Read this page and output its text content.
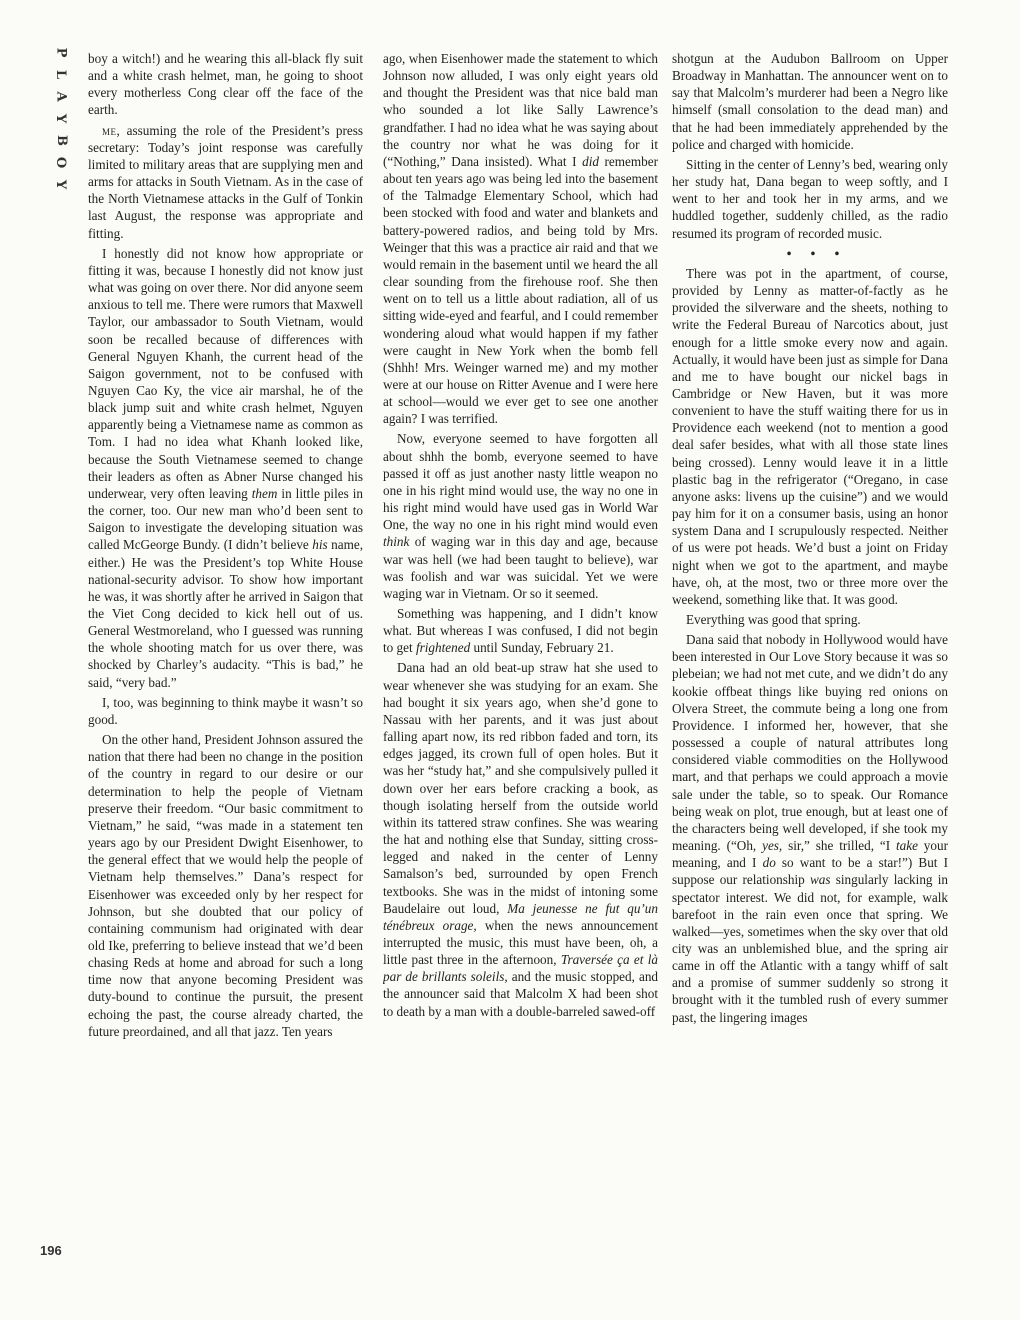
P
L
A
Y
B
O
Y

boy a witch!) and he wearing this all-black fly suit and a white crash helmet, man, he going to shoot every motherless Cong clear off the face of the earth.

me, assuming the role of the President’s press secretary: Today’s joint response was carefully limited to military areas that are supplying men and arms for attacks in South Vietnam. As in the case of the North Vietnamese attacks in the Gulf of Tonkin last August, the response was appropriate and fitting.

I honestly did not know how appropriate or fitting it was, because I honestly did not know just what was going on over there. Nor did anyone seem anxious to tell me. There were rumors that Maxwell Taylor, our ambassador to South Vietnam, would soon be recalled because of differences with General Nguyen Khanh, the current head of the Saigon government, not to be confused with Nguyen Cao Ky, the vice air marshal, he of the black jump suit and white crash helmet, Nguyen apparently being a Vietnamese name as common as Tom. I had no idea what Khanh looked like, because the South Vietnamese seemed to change their leaders as often as Abner Nurse changed his underwear, very often leaving them in little piles in the corner, too. Our new man who’d been sent to Saigon to investigate the developing situation was called McGeorge Bundy. (I didn’t believe his name, either.) He was the President’s top White House national-security advisor. To show how important he was, it was shortly after he arrived in Saigon that the Viet Cong decided to kick hell out of us. General Westmoreland, who I guessed was running the whole shooting match for us over there, was shocked by Charley’s audacity. “This is bad,” he said, “very bad.”

I, too, was beginning to think maybe it wasn’t so good.

On the other hand, President Johnson assured the nation that there had been no change in the position of the country in regard to our desire or our determination to help the people of Vietnam preserve their freedom. “Our basic commitment to Vietnam,” he said, “was made in a statement ten years ago by our President Dwight Eisenhower, to the general effect that we would help the people of Vietnam help themselves.” Dana’s respect for Eisenhower was exceeded only by her respect for Johnson, but she doubted that our policy of containing communism had originated with dear old Ike, preferring to believe instead that we’d been chasing Reds at home and abroad for such a long time now that anyone becoming President was duty-bound to continue the pursuit, the present echoing the past, the course already charted, the future preordained, and all that jazz. Ten years

ago, when Eisenhower made the statement to which Johnson now alluded, I was only eight years old and thought the President was that nice bald man who sounded a lot like Sally Lawrence’s grandfather. I had no idea what he was saying about the country nor what he was doing for it (“Nothing,” Dana insisted). What I did remember about ten years ago was being led into the basement of the Talmadge Elementary School, which had been stocked with food and water and blankets and battery-powered radios, and being told by Mrs. Weinger that this was a practice air raid and that we would remain in the basement until we heard the all clear sounding from the firehouse roof. She then went on to tell us a little about radiation, all of us sitting wide-eyed and fearful, and I could remember wondering aloud what would happen if my father were caught in New York when the bomb fell (Shhh! Mrs. Weinger warned me) and my mother were at our house on Ritter Avenue and I were here at school—would we ever get to see one another again? I was terrified.

Now, everyone seemed to have forgotten all about shhh the bomb, everyone seemed to have passed it off as just another nasty little weapon no one in his right mind would use, the way no one in his right mind would have used gas in World War One, the way no one in his right mind would even think of waging war in this day and age, because war was hell (we had been taught to believe), war was foolish and war was suicidal. Yet we were waging war in Vietnam. Or so it seemed.

Something was happening, and I didn’t know what. But whereas I was confused, I did not begin to get frightened until Sunday, February 21.

Dana had an old beat-up straw hat she used to wear whenever she was studying for an exam. She had bought it six years ago, when she’d gone to Nassau with her parents, and it was just about falling apart now, its red ribbon faded and torn, its edges jagged, its crown full of open holes. But it was her “study hat,” and she compulsively pulled it down over her ears before cracking a book, as though isolating herself from the outside world within its tattered straw confines. She was wearing the hat and nothing else that Sunday, sitting cross-legged and naked in the center of Lenny Samalson’s bed, surrounded by open French textbooks. She was in the midst of intoning some Baudelaire out loud, Ma jeunesse ne fut qu’un ténébreux orage, when the news announcement interrupted the music, this must have been, oh, a little past three in the afternoon, Traversée ça et là par de brillants soleils, and the music stopped, and the announcer said that Malcolm X had been shot to death by a man with a double-barreled sawed-off

shotgun at the Audubon Ballroom on Upper Broadway in Manhattan. The announcer went on to say that Malcolm’s murderer had been a Negro like himself (small consolation to the dead man) and that he had been immediately apprehended by the police and charged with homicide.

Sitting in the center of Lenny’s bed, wearing only her study hat, Dana began to weep softly, and I went to her and took her in my arms, and we huddled together, suddenly chilled, as the radio resumed its program of recorded music.

• • •

There was pot in the apartment, of course, provided by Lenny as matter-of-factly as he provided the silverware and the sheets, nothing to write the Federal Bureau of Narcotics about, just enough for a little smoke every now and again. Actually, it would have been just as simple for Dana and me to have bought our nickel bags in Cambridge or New Haven, but it was more convenient to have the stuff waiting there for us in Providence each weekend (not to mention a good deal safer besides, what with all those state lines being crossed). Lenny would leave it in a little plastic bag in the refrigerator (“Oregano, in case anyone asks: livens up the cuisine”) and we would pay him for it on a consumer basis, using an honor system Dana and I scrupulously respected. Neither of us were pot heads. We’d bust a joint on Friday night when we got to the apartment, and maybe have, oh, at the most, two or three more over the weekend, something like that. It was good.

Everything was good that spring.

Dana said that nobody in Hollywood would have been interested in Our Love Story because it was so plebeian; we had not met cute, and we didn’t do any kookie offbeat things like buying red onions on Olvera Street, the commute being a long one from Providence. I informed her, however, that she possessed a couple of natural attributes long considered viable commodities on the Hollywood mart, and that perhaps we could approach a movie sale under the table, so to speak. Our Romance being weak on plot, true enough, but at least one of the characters being well developed, if she took my meaning. (“Oh, yes, sir,” she trilled, “I take your meaning, and I do so want to be a star!”) But I suppose our relationship was singularly lacking in spectator interest. We did not, for example, walk barefoot in the rain even once that spring. We walked—yes, sometimes when the sky over that old city was an unblemished blue, and the spring air came in off the Atlantic with a tangy whiff of salt and a promise of summer suddenly so strong it brought with it the tumbled rush of every summer past, the lingering images

196
